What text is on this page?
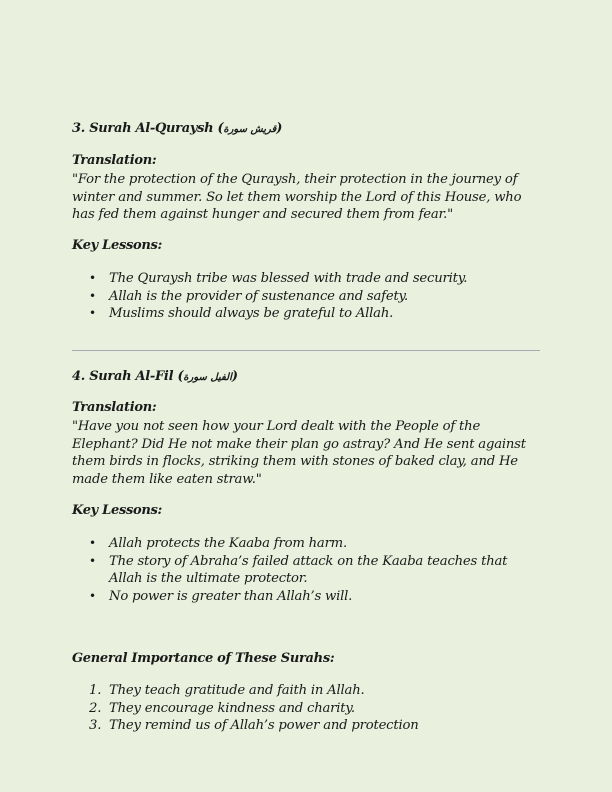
3. Surah Al-Quraysh (قريش سورة)
Translation:
"For the protection of the Quraysh, their protection in the journey of winter and summer. So let them worship the Lord of this House, who has fed them against hunger and secured them from fear."
Key Lessons:
• The Quraysh tribe was blessed with trade and security.
• Allah is the provider of sustenance and safety.
• Muslims should always be grateful to Allah.
4. Surah Al-Fil (الفيل سورة)
Translation:
"Have you not seen how your Lord dealt with the People of the Elephant? Did He not make their plan go astray? And He sent against them birds in flocks, striking them with stones of baked clay, and He made them like eaten straw."
Key Lessons:
• Allah protects the Kaaba from harm.
• The story of Abraha’s failed attack on the Kaaba teaches that Allah is the ultimate protector.
• No power is greater than Allah’s will.
General Importance of These Surahs:
1. They teach gratitude and faith in Allah.
2. They encourage kindness and charity.
3. They remind us of Allah’s power and protection
